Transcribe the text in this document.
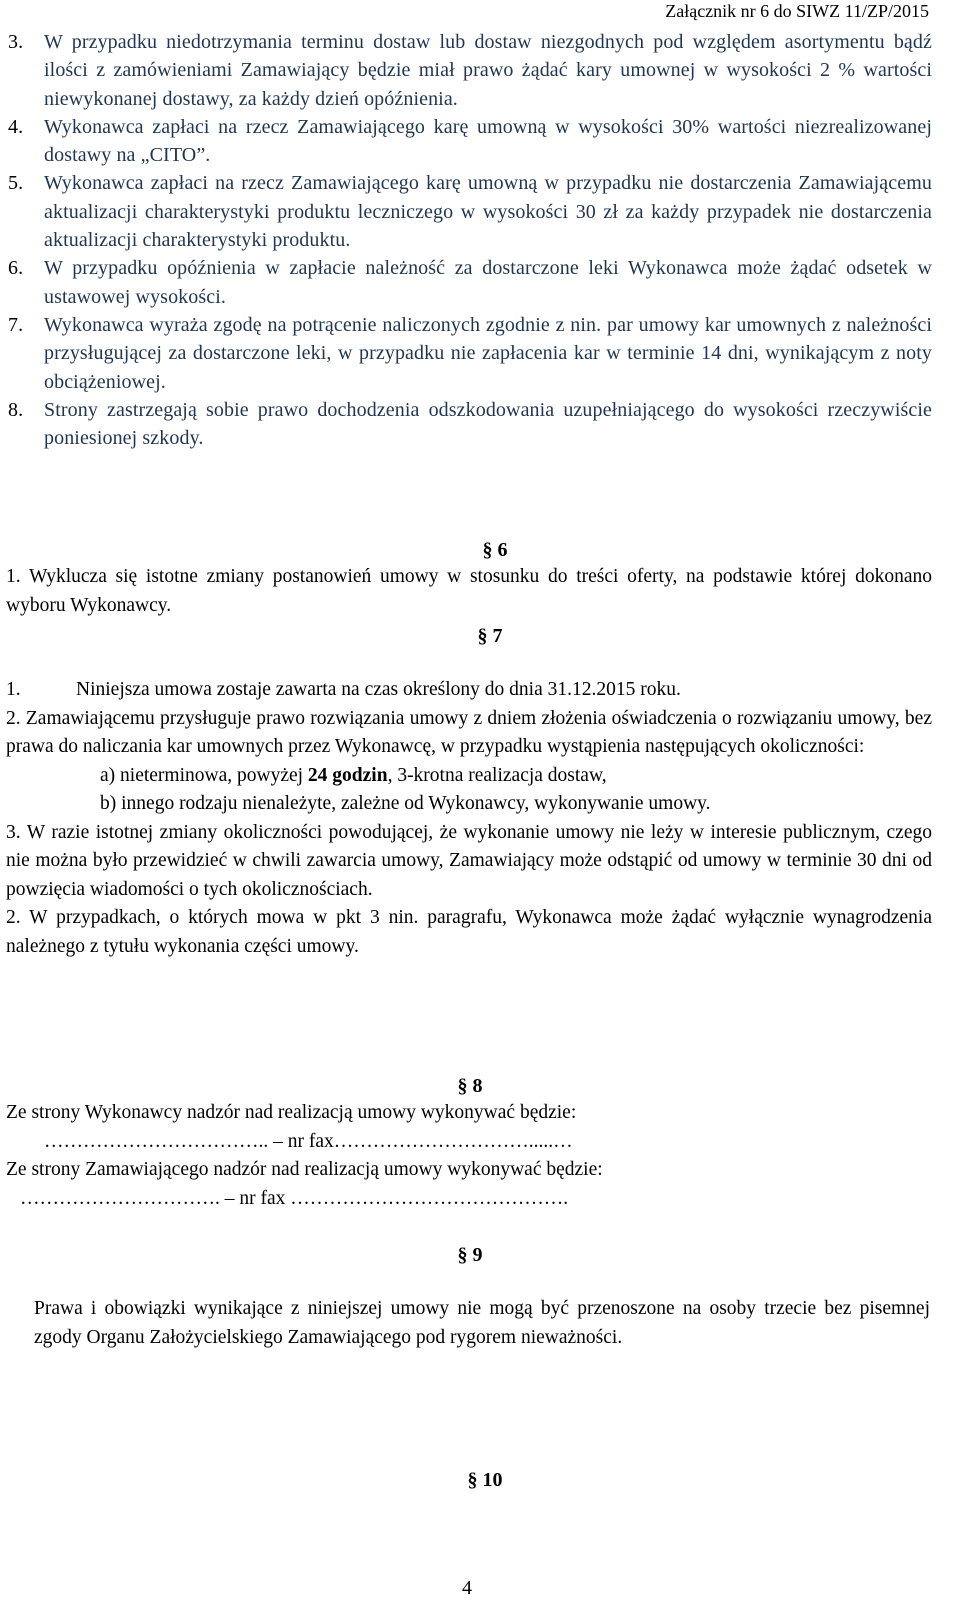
Załącznik nr 6 do SIWZ 11/ZP/2015

3. W przypadku niedotrzymania terminu dostaw lub dostaw niezgodnych pod względem asortymentu bądź ilości z zamówieniami Zamawiający będzie miał prawo żądać kary umownej w wysokości 2 % wartości niewykonanej dostawy, za każdy dzień opóźnienia.

4. Wykonawca zapłaci na rzecz Zamawiającego karę umowną w wysokości 30% wartości niezrealizowanej dostawy na „CITO”.

5. Wykonawca zapłaci na rzecz Zamawiającego karę umowną w przypadku nie dostarczenia Zamawiającemu aktualizacji charakterystyki produktu leczniczego w wysokości 30 zł za każdy przypadek nie dostarczenia aktualizacji charakterystyki produktu.

6. W przypadku opóźnienia w zapłacie należność za dostarczone leki Wykonawca może żądać odsetek w ustawowej wysokości.

7. Wykonawca wyraża zgodę na potrącenie naliczonych zgodnie z nin. par umowy kar umownych z należności przysługującej za dostarczone leki, w przypadku nie zapłacenia kar w terminie 14 dni, wynikającym z noty obciążeniowej.

8. Strony zastrzegają sobie prawo dochodzenia odszkodowania uzupełniającego do wysokości rzeczywiście poniesionej szkody.

§ 6

1. Wyklucza się istotne zmiany postanowień umowy w stosunku do treści oferty, na podstawie której dokonano wyboru Wykonawcy.

§ 7

1.	Niniejsza umowa zostaje zawarta na czas określony do dnia 31.12.2015 roku.

2. Zamawiającemu przysługuje prawo rozwiązania umowy z dniem złożenia oświadczenia o rozwiązaniu umowy, bez prawa do naliczania kar umownych przez Wykonawcę, w przypadku wystąpienia następujących okoliczności:

a) nieterminowa, powyżej 24 godzin, 3-krotna realizacja dostaw,

b) innego rodzaju nienależyte, zależne od Wykonawcy, wykonywanie umowy.

3. W razie istotnej zmiany okoliczności powodującej, że wykonanie umowy nie leży w interesie publicznym, czego nie można było przewidzieć w chwili zawarcia umowy, Zamawiający może odstąpić od umowy w terminie 30 dni od powzięcia wiadomości o tych okolicznościach.

2. W przypadkach, o których mowa w pkt 3 nin. paragrafu, Wykonawca może żądać wyłącznie wynagrodzenia należnego z tytułu wykonania części umowy.

§ 8

Ze strony Wykonawcy nadzór nad realizacją umowy wykonywać będzie:

…………………………….. – nr fax………………………….....…

Ze strony Zamawiającego nadzór nad realizacją umowy wykonywać będzie:

…………………………. – nr fax …………………………………….

§ 9

Prawa i obowiązki wynikające z niniejszej umowy nie mogą być przenoszone na osoby trzecie bez pisemnej zgody Organu Założycielskiego Zamawiającego pod rygorem nieważności.

§ 10
4
